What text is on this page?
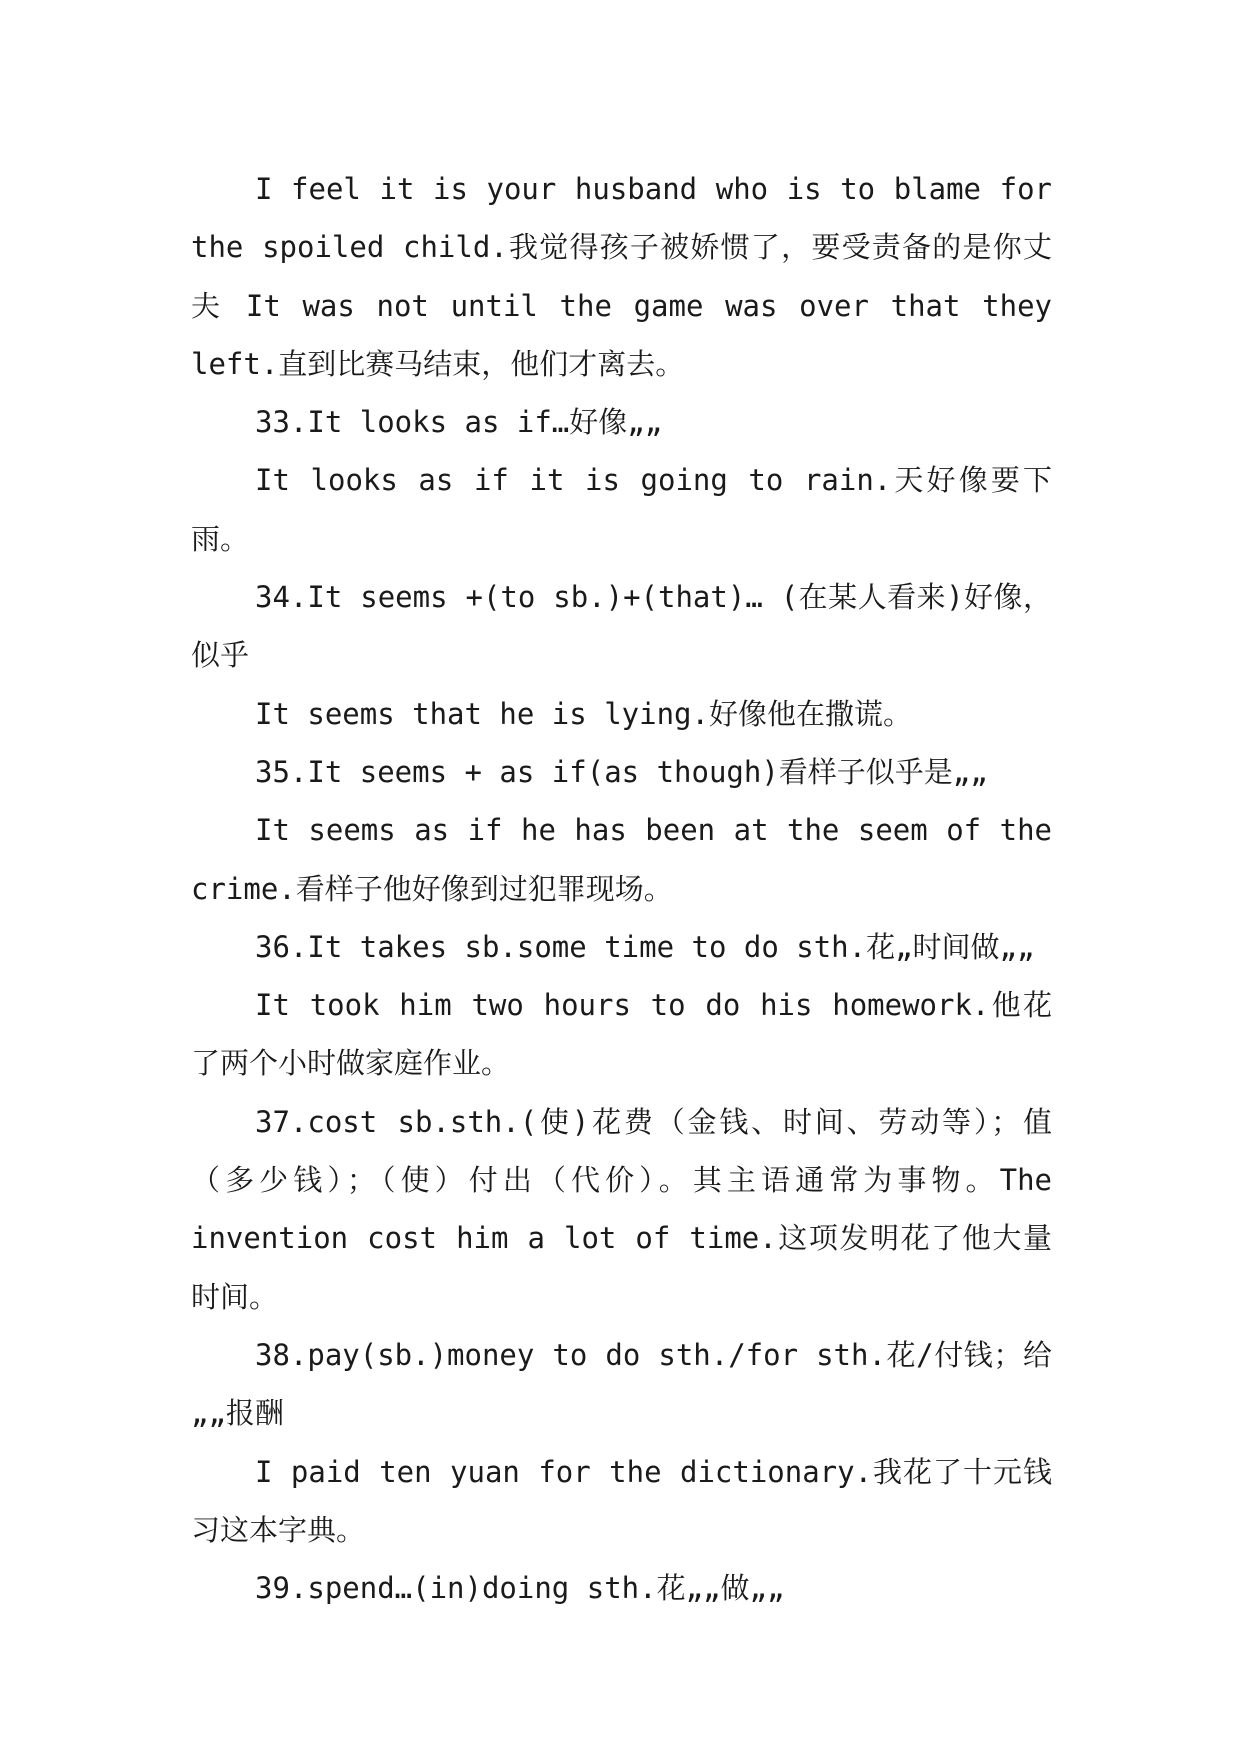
I feel it is your husband who is to blame for the spoiled child.我觉得孩子被娇惯了，要受责备的是你丈夫 It was not until the game was over that they left.直到比赛马结束，他们才离去。

33.It looks as if…好像„„

It looks as if it is going to rain.天好像要下雨。

34.It seems +(to sb.)+(that)… (在某人看来)好像，似乎

It seems that he is lying.好像他在撒谎。

35.It seems + as if(as though)看样子似乎是„„

It seems as if he has been at the seem of the crime.看样子他好像到过犯罪现场。

36.It takes sb.some time to do sth.花„时间做„„

It took him two hours to do his homework.他花了两个小时做家庭作业。

37.cost sb.sth.(使)花费（金钱、时间、劳动等）；值（多少钱）；（使）付出（代价）。其主语通常为事物。The invention cost him a lot of time.这项发明花了他大量时间。

38.pay(sb.)money to do sth./for sth.花/付钱；给„„报酬

I paid ten yuan for the dictionary.我花了十元钱习这本字典。

39.spend…(in)doing sth.花„„做„„
